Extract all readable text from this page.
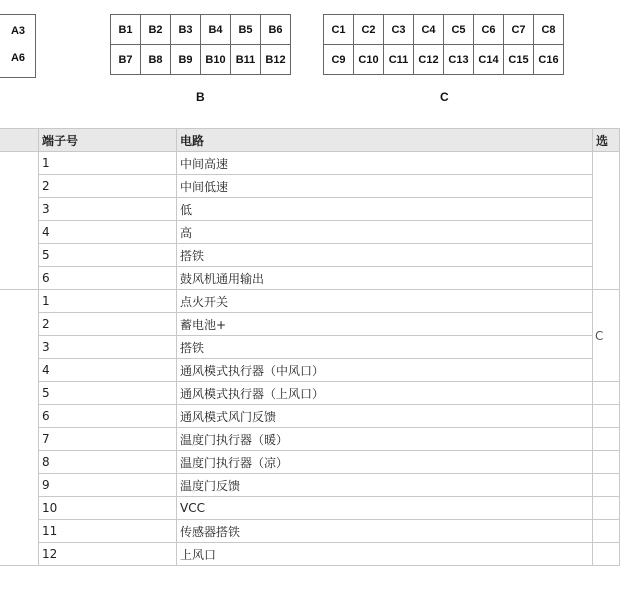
A3
A6
B1	B2	B3	B4	B5	B6
B7	B8	B9	B10 B11 B12
B
C1	C2	C3	C4	C5	C6	C7	C8
C9	C10 C11 C12 C13 C14 C15 C16
C
	端子号	电路	选
	1	中间高速	
	2	中间低速	
	3	低	
	4	高	
	5	搭铁	
	6	鼓风机通用输出	
	1	点火开关	C
	2	蓄电池+	
	3	搭铁	
	4	通风模式执行器（中风口）	
	5	通风模式执行器（上风口）	
	6	通风模式风门反馈	
	7	温度门执行器（暖）	
	8	温度门执行器（凉）	
	9	温度门反馈	
	10	VCC	
	11	传感器搭铁	
	12	上风口	
